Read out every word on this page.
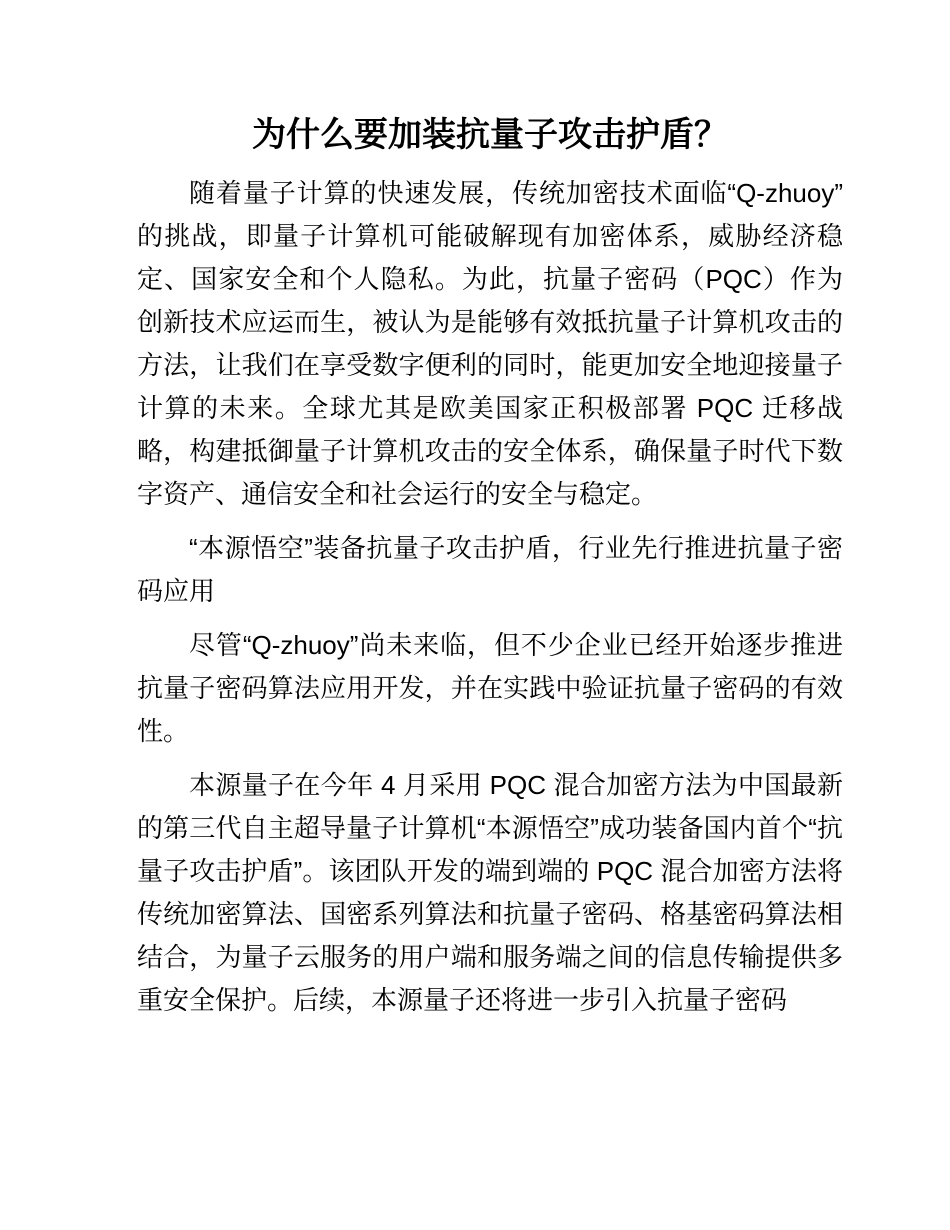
为什么要加装抗量子攻击护盾？

随着量子计算的快速发展，传统加密技术面临“Q-zhuoy”的挑战，即量子计算机可能破解现有加密体系，威胁经济稳定、国家安全和个人隐私。为此，抗量子密码（PQC）作为创新技术应运而生，被认为是能够有效抵抗量子计算机攻击的方法，让我们在享受数字便利的同时，能更加安全地迎接量子计算的未来。全球尤其是欧美国家正积极部署 PQC 迁移战略，构建抵御量子计算机攻击的安全体系，确保量子时代下数字资产、通信安全和社会运行的安全与稳定。

“本源悟空”装备抗量子攻击护盾，行业先行推进抗量子密码应用

尽管“Q-zhuoy”尚未来临，但不少企业已经开始逐步推进抗量子密码算法应用开发，并在实践中验证抗量子密码的有效性。

本源量子在今年 4 月采用 PQC 混合加密方法为中国最新的第三代自主超导量子计算机“本源悟空”成功装备国内首个“抗量子攻击护盾”。该团队开发的端到端的 PQC 混合加密方法将传统加密算法、国密系列算法和抗量子密码、格基密码算法相结合，为量子云服务的用户端和服务端之间的信息传输提供多重安全保护。后续，本源量子还将进一步引入抗量子密码
